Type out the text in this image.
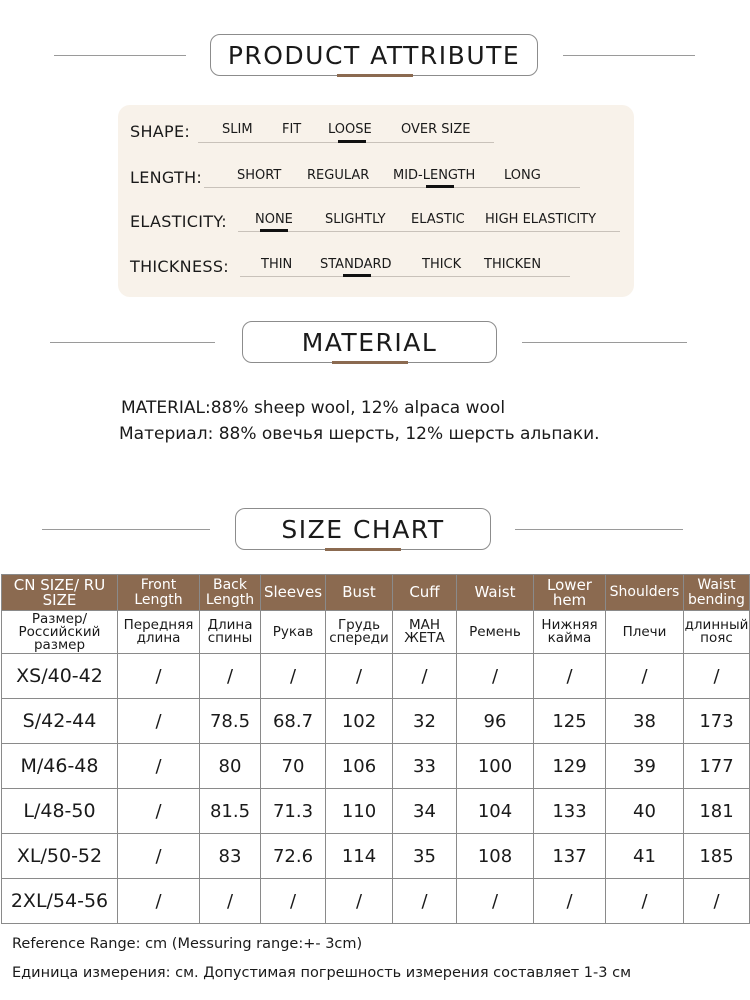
PRODUCT ATTRIBUTE
SHAPE: SLIM FIT LOOSE OVER SIZE
LENGTH:	SHORT REGULAR MID-LENGTH LONG
ELASTICITY: NONE SLIGHTLY ELASTIC HIGH ELASTICITY
THICKNESS: THIN STANDARD THICK THICKEN
MATERIAL
MATERIAL:88% sheep wool, 12% alpaca wool
Материал: 88% овечья шерсть, 12% шерсть альпаки.
SIZE CHART
CN SIZE/ RU SIZE	Front Length	Back Length	Sleeves	Bust	Cuff	Waist	Lower hem	Shoulders	Waist bending
Размер/ Российский размер	Передняя длина	Длина спины	Рукав	Грудь спереди	МАН ЖЕТА	Ремень	Нижняя кайма	Плечи	длинный пояс
XS/40-42	/	/	/	/	/	/	/	/	/
S/42-44	/	78.5	68.7	102	32	96	125	38	173
M/46-48	/	80	70	106	33	100	129	39	177
L/48-50	/	81.5	71.3	110	34	104	133	40	181
XL/50-52	/	83	72.6	114	35	108	137	41	185
2XL/54-56	/	/	/	/	/	/	/	/	/
Reference Range: cm (Messuring range:+- 3cm)
Единица измерения: см. Допустимая погрешность измерения составляет 1-3 см
